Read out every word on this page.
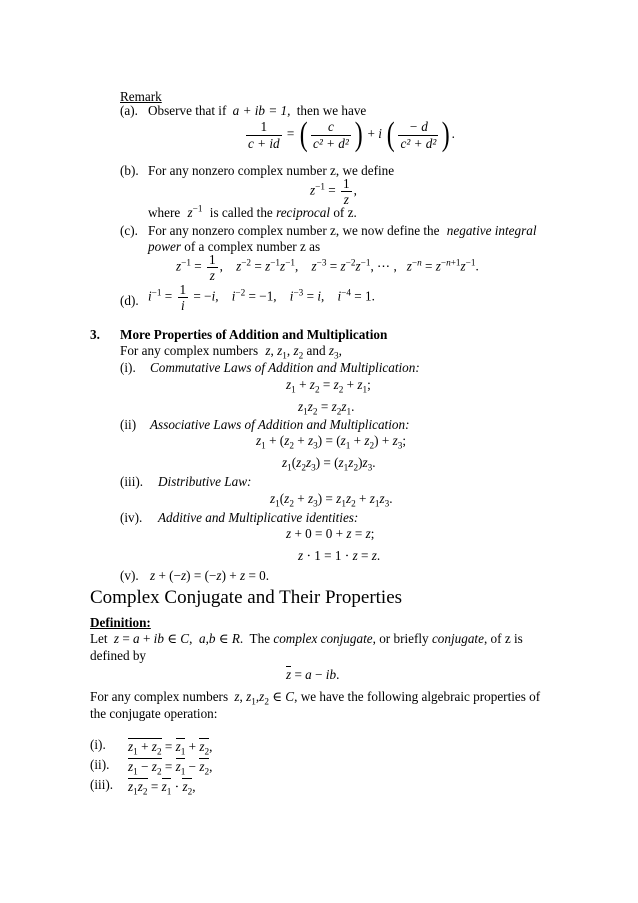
Remark
(a). Observe that if a + ib = 1, then we have
$\frac{1}{c + id}$ = ( $\frac{c}{\text{c² + d²}}$ ) + i ( $\frac{- d}{\text{c² + d²}}$ ) .
(b). For any nonzero complex number z, we define
$z^{-1} = \frac{1}{z}$ ,
where $z^{-1}$ is called the reciprocal of z.
(c). For any nonzero complex number z, we now define the negative integral
power of a complex number z as
$z^{-1} = \frac{1}{z}$ ,    $z^{-2} = z^{-1}z^{-1}$,    $z^{-3} = z^{-2}z^{-1}$, ⋯ ,   $z^{-n} = z^{-n+1}z^{-1}$.
(d). $i^{-1} = \frac{1}{i} = -i$,    $i^{-2} = -1$,    $i^{-3} = i$,    $i^{-4} = 1$.
3. More Properties of Addition and Multiplication
For any complex numbers z, $z_1$, $z_2$ and $z_3$,
(i). Commutative Laws of Addition and Multiplication:
$z_1 + z_2 = z_2 + z_1$;
$z_1z_2 = z_2z_1$.
(ii) Associative Laws of Addition and Multiplication:
$z_1 + (z_2 + z_3) = (z_1 + z_2) + z_3$;
$z_1(z_2z_3) = (z_1z_2)z_3$.
(iii). Distributive Law:
$z_1(z_2 + z_3) = z_1z_2 + z_1z_3$.
(iv). Additive and Multiplicative identities:
z + 0 = 0 + z = z;
z ⋅ 1 = 1 ⋅ z = z.
(v). z + (−z) = (−z) + z = 0.
Complex Conjugate and Their Properties
Definition:
Let z = a + ib ∈ C,  a,b ∈ R.  The complex conjugate, or briefly conjugate, of z is
defined by
z = a − ib.
For any complex numbers z, $z_1,z_2$ ∈ C, we have the following algebraic properties of
the conjugate operation:
(i). $z_1 + z_2 = z_1 + z_2$,
(ii). $z_1 - z_2 = z_1 - z_2$,
(iii). $z_1z_2 = z_1 \cdot z_2$,
